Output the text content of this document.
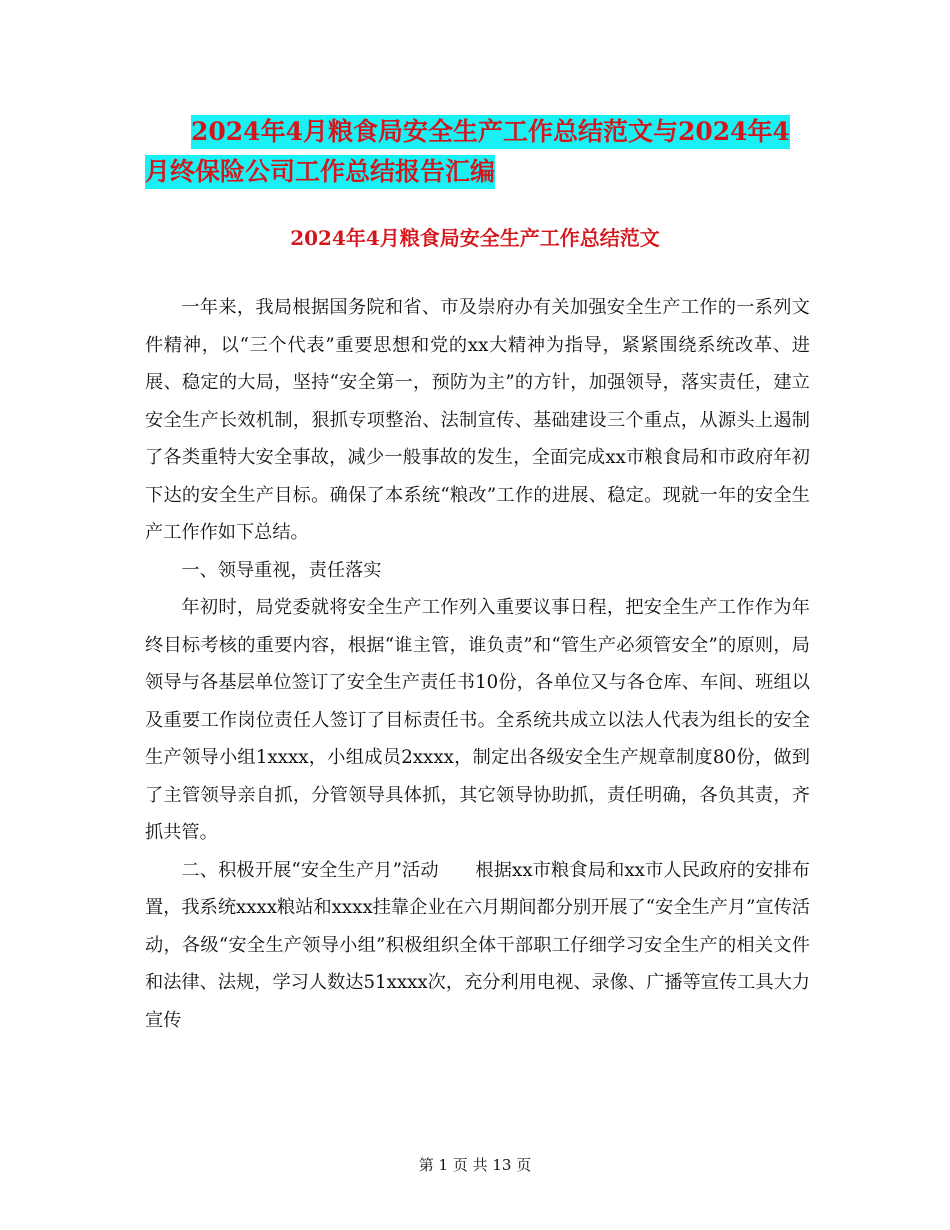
2024年4月粮食局安全生产工作总结范文与2024年4
月终保险公司工作总结报告汇编
2024年4月粮食局安全生产工作总结范文

一年来，我局根据国务院和省、市及崇府办有关加强安全生产工作的一系列文件精神，以“三个代表”重要思想和党的xx大精神为指导，紧紧围绕系统改革、进展、稳定的大局，坚持“安全第一，预防为主”的方针，加强领导，落实责任，建立安全生产长效机制，狠抓专项整治、法制宣传、基础建设三个重点，从源头上遏制了各类重特大安全事故，减少一般事故的发生，全面完成xx市粮食局和市政府年初下达的安全生产目标。确保了本系统“粮改”工作的进展、稳定。现就一年的安全生产工作作如下总结。

一、领导重视，责任落实

年初时，局党委就将安全生产工作列入重要议事日程，把安全生产工作作为年终目标考核的重要内容，根据“谁主管，谁负责”和“管生产必须管安全”的原则，局领导与各基层单位签订了安全生产责任书10份，各单位又与各仓库、车间、班组以及重要工作岗位责任人签订了目标责任书。全系统共成立以法人代表为组长的安全生产领导小组1xxxx，小组成员2xxxx，制定出各级安全生产规章制度80份，做到了主管领导亲自抓，分管领导具体抓，其它领导协助抓，责任明确，各负其责，齐抓共管。

二、积极开展“安全生产月”活动　　根据xx市粮食局和xx市人民政府的安排布置，我系统xxxx粮站和xxxx挂靠企业在六月期间都分别开展了“安全生产月”宣传活动，各级“安全生产领导小组”积极组织全体干部职工仔细学习安全生产的相关文件和法律、法规，学习人数达51xxxx次，充分利用电视、录像、广播等宣传工具大力宣传

第 1 页 共 13 页
